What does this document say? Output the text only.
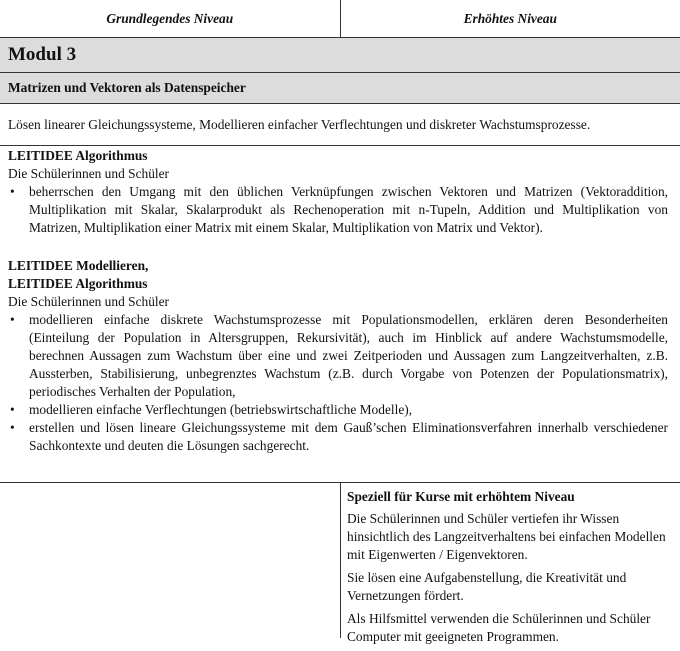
Grundlegendes Niveau	Erhöhtes Niveau
Modul 3
Matrizen und Vektoren als Datenspeicher
Lösen linearer Gleichungssysteme, Modellieren einfacher Verflechtungen und diskreter Wachstumsprozesse.
LEITIDEE Algorithmus
Die Schülerinnen und Schüler
• beherrschen den Umgang mit den üblichen Verknüpfungen zwischen Vektoren und Matrizen (Vektoraddition, Multiplikation mit Skalar, Skalarprodukt als Rechenoperation mit n-Tupeln, Addition und Multiplikation von Matrizen, Multiplikation einer Matrix mit einem Skalar, Multiplikation von Matrix und Vektor).
LEITIDEE Modellieren,
LEITIDEE Algorithmus
Die Schülerinnen und Schüler
• modellieren einfache diskrete Wachstumsprozesse mit Populationsmodellen, erklären deren Besonderheiten (Einteilung der Population in Altersgruppen, Rekursivität), auch im Hinblick auf andere Wachstumsmodelle, berechnen Aussagen zum Wachstum über eine und zwei Zeitperioden und Aussagen zum Langzeitverhalten, z.B. Aussterben, Stabilisierung, unbegrenztes Wachstum (z.B. durch Vorgabe von Potenzen der Populationsmatrix), periodisches Verhalten der Population,
• modellieren einfache Verflechtungen (betriebswirtschaftliche Modelle),
• erstellen und lösen lineare Gleichungssysteme mit dem Gauß’schen Eliminationsverfahren innerhalb verschiedener Sachkontexte und deuten die Lösungen sachgerecht.
Speziell für Kurse mit erhöhtem Niveau

Die Schülerinnen und Schüler vertiefen ihr Wissen hinsichtlich des Langzeitverhaltens bei einfachen Modellen mit Eigenwerten / Eigenvektoren.

Sie lösen eine Aufgabenstellung, die Kreativität und Vernetzungen fördert.

Als Hilfsmittel verwenden die Schülerinnen und Schüler Computer mit geeigneten Programmen.
